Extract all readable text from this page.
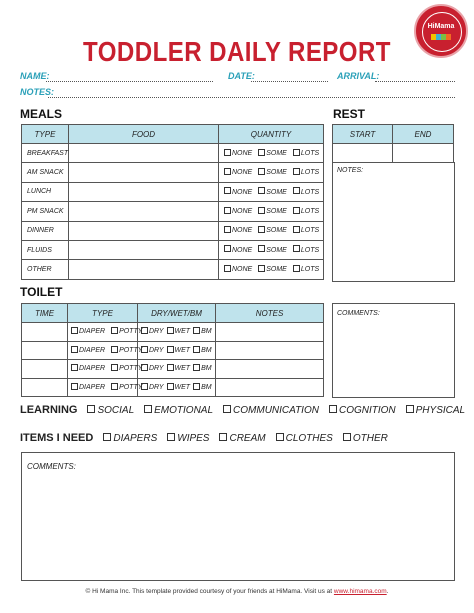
HiMama
TODDLER DAILY REPORT
NAME:	DATE:	ARRIVAL:
NOTES:
MEALS
TYPE	FOOD	QUANTITY
BREAKFAST		NONE SOME LOTS
AM SNACK		NONE SOME LOTS
LUNCH		NONE SOME LOTS
PM SNACK		NONE SOME LOTS
DINNER		NONE SOME LOTS
FLUIDS		NONE SOME LOTS
OTHER		NONE SOME LOTS
REST
START	END

NOTES:
TOILET
TIME	TYPE	DRY/WET/BM	NOTES
	DIAPER POTTY	DRY WET BM	
	DIAPER POTTY	DRY WET BM	
	DIAPER POTTY	DRY WET BM	
	DIAPER POTTY	DRY WET BM	
COMMENTS:
LEARNING SOCIAL EMOTIONAL COMMUNICATION COGNITION PHYSICAL
ITEMS I NEED DIAPERS WIPES CREAM CLOTHES OTHER
COMMENTS:
© Hi Mama Inc. This template provided courtesy of your friends at HiMama. Visit us at www.himama.com.
